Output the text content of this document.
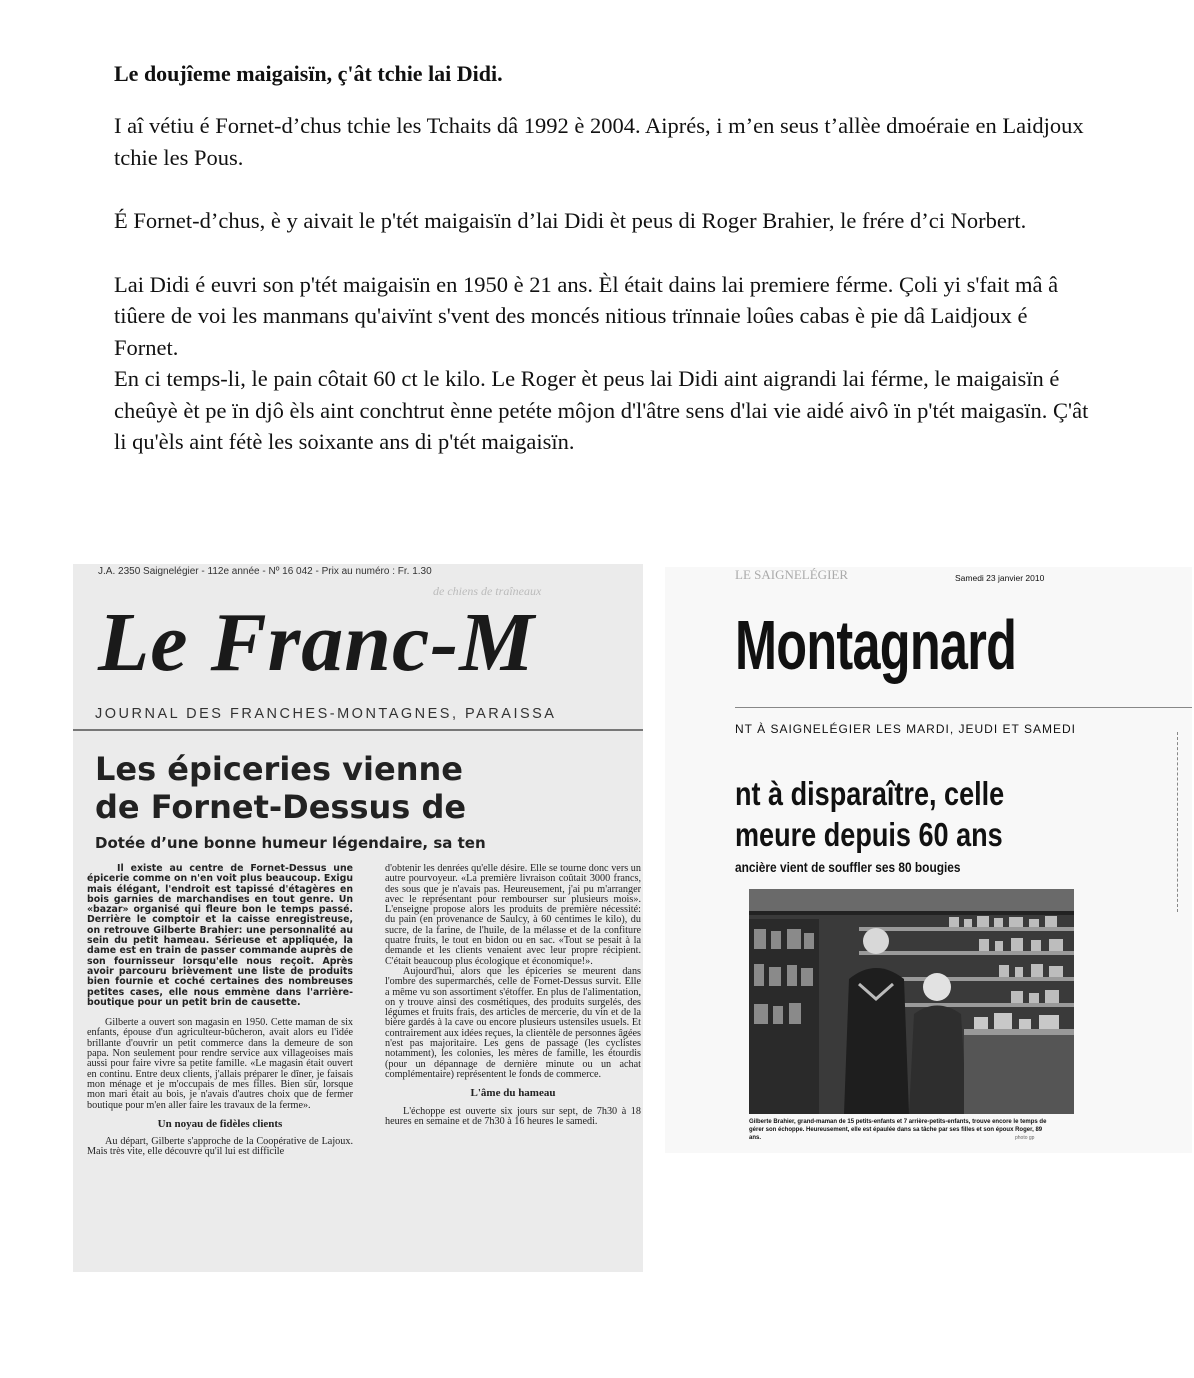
Le doujîeme maigaisïn, ç'ât tchie lai Didi.

I aî vétiu é Fornet-d’chus tchie les Tchaits dâ 1992 è 2004. Aiprés, i m’en seus t’allèe dmoéraie en Laidjoux tchie les Pous.

É Fornet-d’chus, è y aivait le p'tét maigaisïn d’lai Didi èt peus di Roger Brahier, le frére d’ci Norbert.

Lai Didi é euvri son p'tét maigaisïn en 1950 è 21 ans. Èl était dains lai premiere férme. Çoli yi s'fait mâ â tiûere de voi les manmans qu'aivïnt s'vent des moncés nitious trïnnaie loûes cabas è pie dâ Laidjoux é Fornet.

En ci temps-li, le pain côtait 60 ct le kilo. Le Roger èt peus lai Didi aint aigrandi lai férme, le maigaisïn é cheûyè èt pe ïn djô èls aint conchtrut ènne petéte môjon d'l'âtre sens d'lai vie aidé aivô ïn p'tét maigasïn. Ç'ât li qu'èls aint fétè les soixante ans di p'tét maigaisïn.

J.A. 2350 Saignelégier - 112e année - Nº 16 042 - Prix au numéro : Fr. 1.30
de chiens de traîneaux
Le Franc-M
JOURNAL DES FRANCHES-MONTAGNES, PARAISSA
Les épiceries vienne
de Fornet-Dessus de
Dotée d’une bonne humeur légendaire, sa ten

Il existe au centre de Fornet-Dessus une épicerie comme on n'en voit plus beaucoup. Exigu mais élégant, l'endroit est tapissé d'étagères en bois garnies de marchandises en tout genre. Un «bazar» organisé qui fleure bon le temps passé. Derrière le comptoir et la caisse enregistreuse, on retrouve Gilberte Brahier: une personnalité au sein du petit hameau. Sérieuse et appliquée, la dame est en train de passer commande auprès de son fournisseur lorsqu'elle nous reçoit. Après avoir parcouru brièvement une liste de produits bien fournie et coché certaines des nombreuses petites cases, elle nous emmène dans l'arrière-boutique pour un petit brin de causette.

Gilberte a ouvert son magasin en 1950. Cette maman de six enfants, épouse d'un agriculteur-bûcheron, avait alors eu l'idée brillante d'ouvrir un petit commerce dans la demeure de son papa. Non seulement pour rendre service aux villageoises mais aussi pour faire vivre sa petite famille. «Le magasin était ouvert en continu. Entre deux clients, j'allais préparer le dîner, je faisais mon ménage et je m'occupais de mes filles. Bien sûr, lorsque mon mari était au bois, je n'avais d'autres choix que de fermer boutique pour m'en aller faire les travaux de la ferme».

Un noyau de fidèles clients

Au départ, Gilberte s'approche de la Coopérative de Lajoux. Mais très vite, elle découvre qu'il lui est difficile

d'obtenir les denrées qu'elle désire. Elle se tourne donc vers un autre pourvoyeur. «La première livraison coûtait 3000 francs, des sous que je n'avais pas. Heureusement, j'ai pu m'arranger avec le représentant pour rembourser sur plusieurs mois». L'enseigne propose alors les produits de première nécessité: du pain (en provenance de Saulcy, à 60 centimes le kilo), du sucre, de la farine, de l'huile, de la mélasse et de la confiture quatre fruits, le tout en bidon ou en sac. «Tout se pesait à la demande et les clients venaient avec leur propre récipient. C'était beaucoup plus écologique et économique!».

Aujourd'hui, alors que les épiceries se meurent dans l'ombre des supermarchés, celle de Fornet-Dessus survit. Elle a même vu son assortiment s'étoffer. En plus de l'alimentation, on y trouve ainsi des cosmétiques, des produits surgelés, des légumes et fruits frais, des articles de mercerie, du vin et de la bière gardés à la cave ou encore plusieurs ustensiles usuels. Et contrairement aux idées reçues, la clientèle de personnes âgées n'est pas majoritaire. Les gens de passage (les cyclistes notamment), les colonies, les mères de famille, les étourdis (pour un dépannage de dernière minute ou un achat complémentaire) représentent le fonds de commerce.

L'âme du hameau

L'échoppe est ouverte six jours sur sept, de 7h30 à 18 heures en semaine et de 7h30 à 16 heures le samedi.

LE SAIGNELÉGIER	Samedi 23 janvier 2010
Montagnard
NT À SAIGNELÉGIER LES MARDI, JEUDI ET SAMEDI
nt à disparaître, celle
meure depuis 60 ans
ancière vient de souffler ses 80 bougies
Gilberte Brahier, grand-maman de 15 petits-enfants et 7 arrière-petits-enfants, trouve encore le temps de gérer son échoppe. Heureusement, elle est épaulée dans sa tâche par ses filles et son époux Roger, 89 ans.	photo gp
